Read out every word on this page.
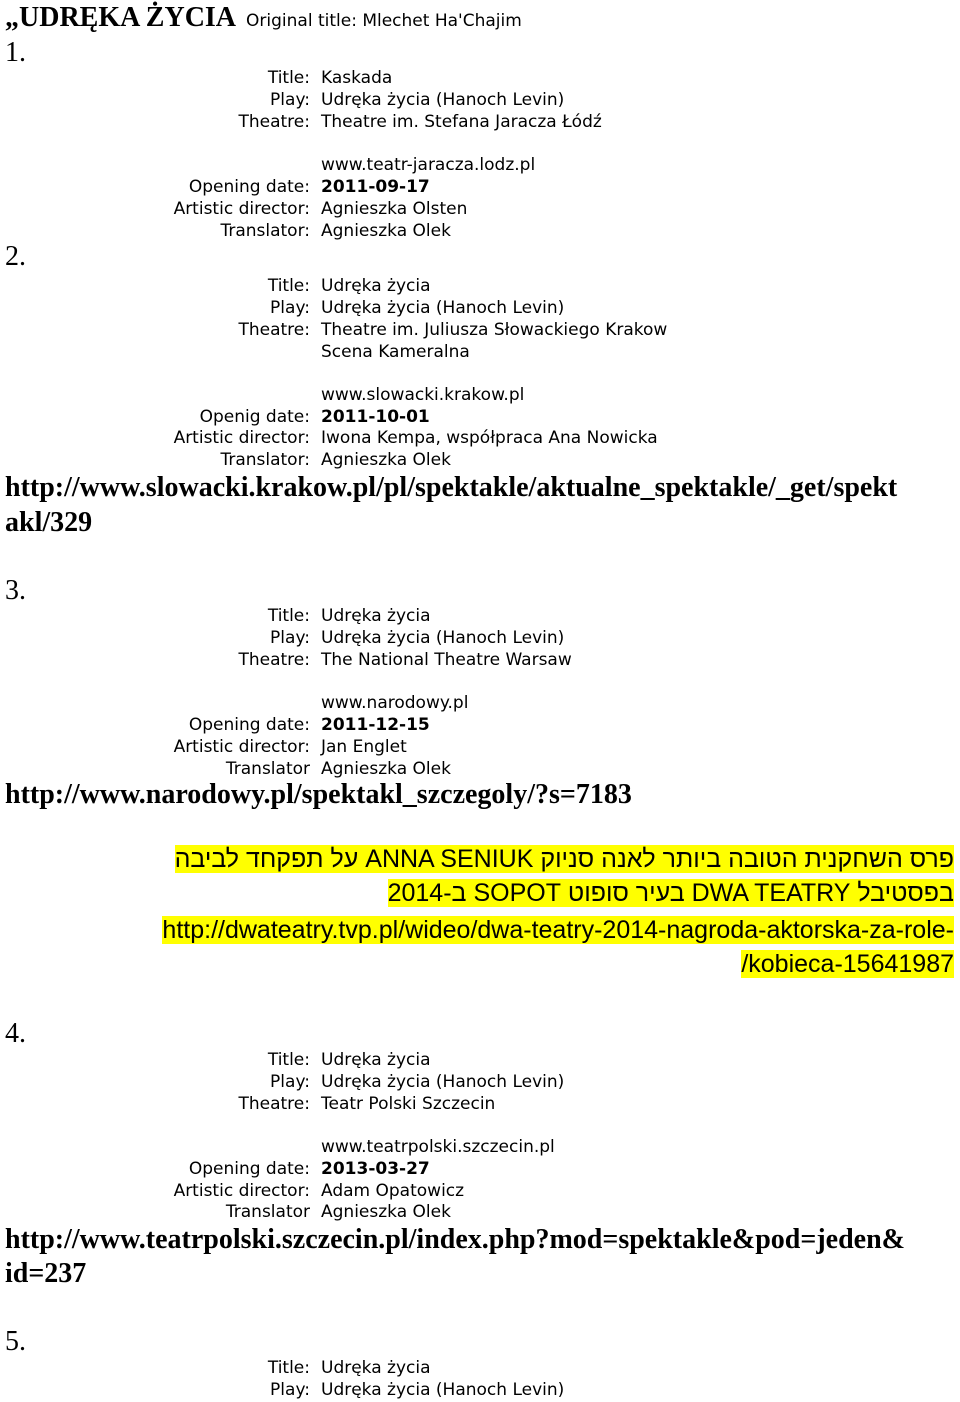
„UDRĘKA ŻYCIA Original title: Mlechet Ha'Chajim
1.
Title: Kaskada
Play: Udręka życia (Hanoch Levin)
Theatre: Theatre im. Stefana Jaracza Łódź
www.teatr-jaracza.lodz.pl
Opening date: 2011-09-17
Artistic director: Agnieszka Olsten
Translator: Agnieszka Olek
2.
Title: Udręka życia
Play: Udręka życia (Hanoch Levin)
Theatre: Theatre im. Juliusza Słowackiego Krakow
Scena Kameralna
www.slowacki.krakow.pl
Openig date: 2011-10-01
Artistic director: Iwona Kempa, współpraca Ana Nowicka
Translator: Agnieszka Olek
http://www.slowacki.krakow.pl/pl/spektakle/aktualne_spektakle/_get/spekt
akl/329
3.
Title: Udręka życia
Play: Udręka życia (Hanoch Levin)
Theatre: The National Theatre Warsaw
www.narodowy.pl
Opening date: 2011-12-15
Artistic director: Jan Englet
Translator Agnieszka Olek
http://www.narodowy.pl/spektakl_szczegoly/?s=7183
פרס השחקנית הטובה ביותר לאנה סניוק ANNA SENIUK על תפקחד לביבה
בפסטיבל DWA TEATRY בעיר סופוט SOPOT ב-2014
http://dwateatry.tvp.pl/wideo/dwa-teatry-2014-nagroda-aktorska-za-role-
/kobieca-15641987
4.
Title: Udręka życia
Play: Udręka życia (Hanoch Levin)
Theatre: Teatr Polski Szczecin
www.teatrpolski.szczecin.pl
Opening date: 2013-03-27
Artistic director: Adam Opatowicz
Translator Agnieszka Olek
http://www.teatrpolski.szczecin.pl/index.php?mod=spektakle&pod=jeden&
id=237
5.
Title: Udręka życia
Play: Udręka życia (Hanoch Levin)
